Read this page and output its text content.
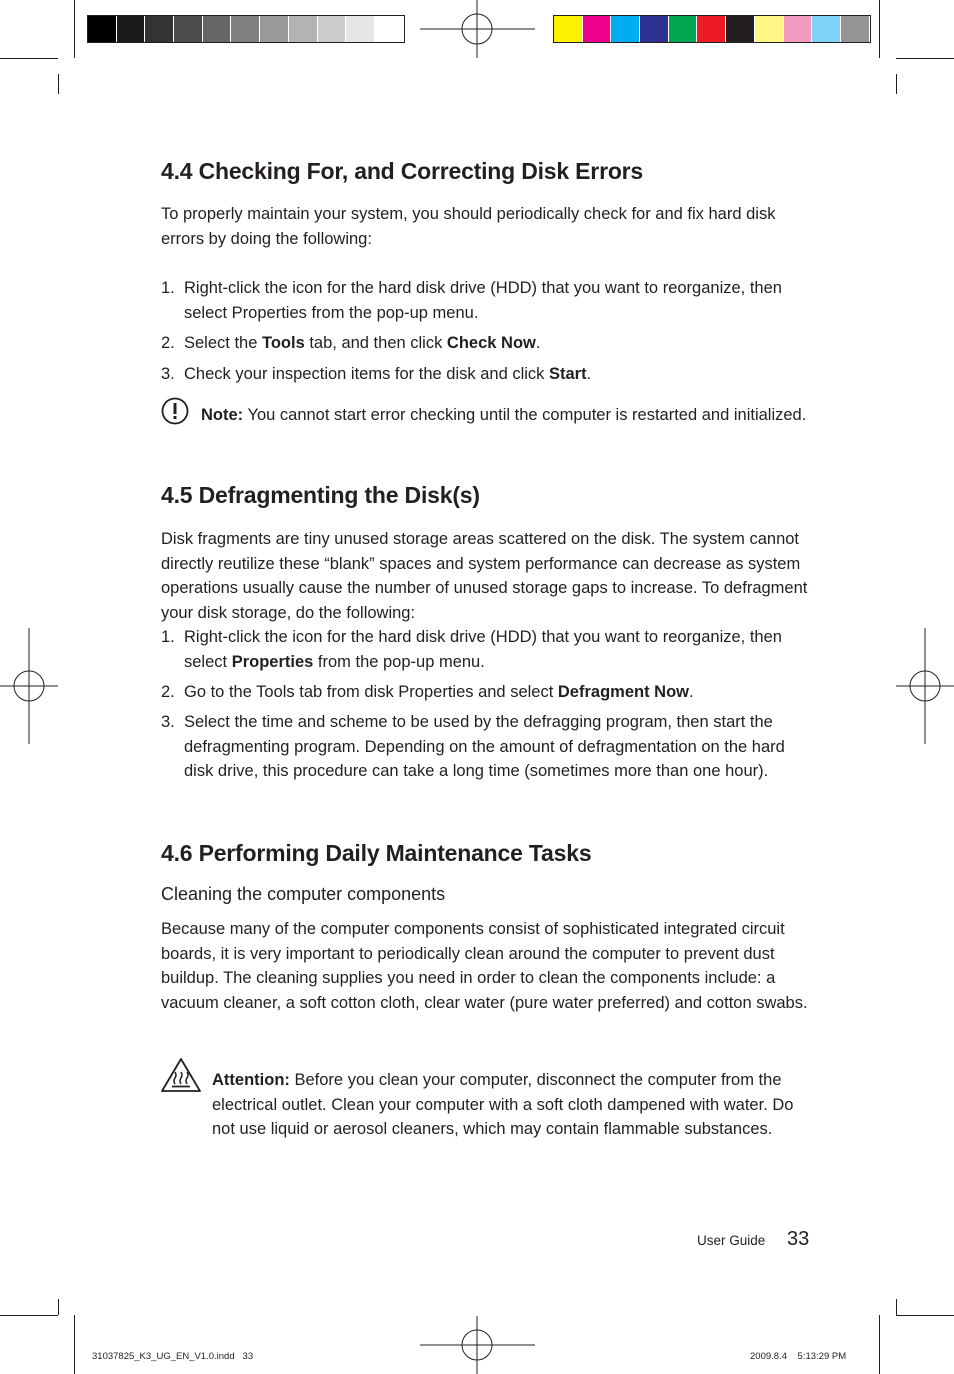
4.4 Checking For, and Correcting Disk Errors

To properly maintain your system, you should periodically check for and fix hard disk errors by doing the following:

1. Right-click the icon for the hard disk drive (HDD) that you want to reorganize, then select Properties from the pop-up menu.
2. Select the Tools tab, and then click Check Now.
3. Check your inspection items for the disk and click Start.
Note: You cannot start error checking until the computer is restarted and initialized.
4.5 Defragmenting the Disk(s)

Disk fragments are tiny unused storage areas scattered on the disk. The system cannot directly reutilize these “blank” spaces and system performance can decrease as system operations usually cause the number of unused storage gaps to increase. To defragment your disk storage, do the following:

1. Right-click the icon for the hard disk drive (HDD) that you want to reorganize, then select Properties from the pop-up menu.
2. Go to the Tools tab from disk Properties and select Defragment Now.
3. Select the time and scheme to be used by the defragging program, then start the defragmenting program. Depending on the amount of defragmentation on the hard disk drive, this procedure can take a long time (sometimes more than one hour).
4.6 Performing Daily Maintenance Tasks
Cleaning the computer components

Because many of the computer components consist of sophisticated integrated circuit boards, it is very important to periodically clean around the computer to prevent dust buildup. The cleaning supplies you need in order to clean the components include: a vacuum cleaner, a soft cotton cloth, clear water (pure water preferred) and cotton swabs.

Attention: Before you clean your computer, disconnect the computer from the electrical outlet. Clean your computer with a soft cloth dampened with water. Do not use liquid or aerosol cleaners, which may contain flammable substances.
User Guide 33
31037825_K3_UG_EN_V1.0.indd   33	2009.8.4    5:13:29 PM
